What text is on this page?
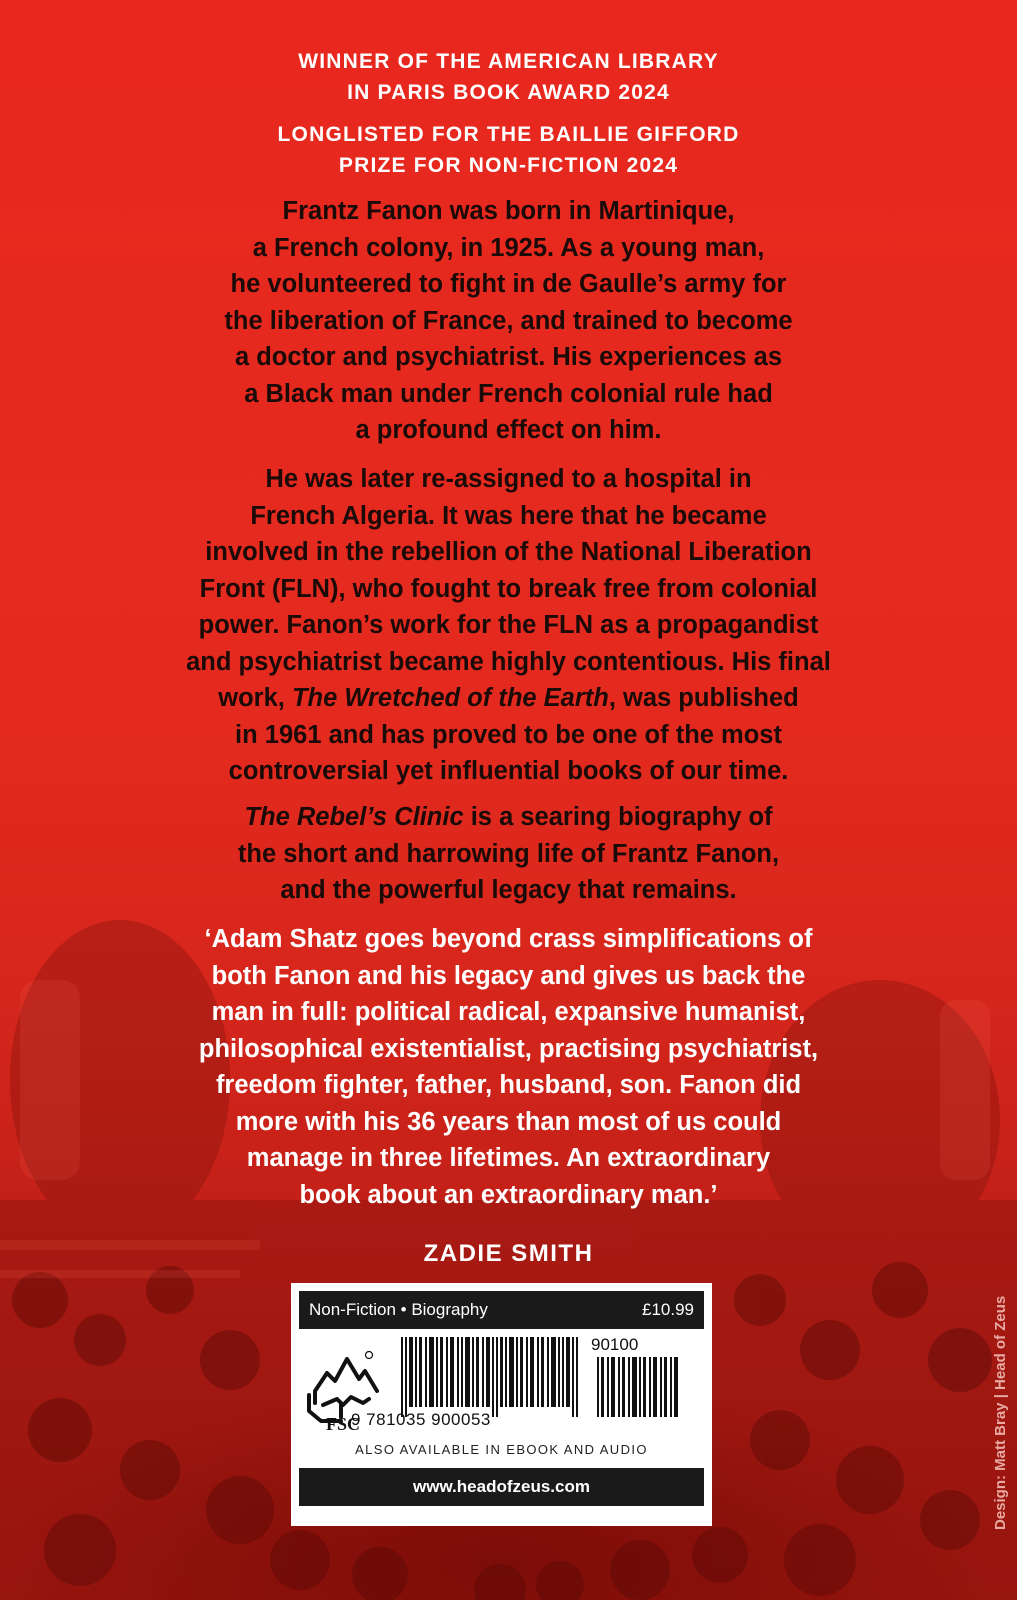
WINNER OF THE AMERICAN LIBRARY
IN PARIS BOOK AWARD 2024
LONGLISTED FOR THE BAILLIE GIFFORD
PRIZE FOR NON-FICTION 2024
Frantz Fanon was born in Martinique,
a French colony, in 1925. As a young man,
he volunteered to fight in de Gaulle’s army for
the liberation of France, and trained to become
a doctor and psychiatrist. His experiences as
a Black man under French colonial rule had
a profound effect on him.
He was later re-assigned to a hospital in
French Algeria. It was here that he became
involved in the rebellion of the National Liberation
Front (FLN), who fought to break free from colonial
power. Fanon’s work for the FLN as a propagandist
and psychiatrist became highly contentious. His final
work, The Wretched of the Earth, was published
in 1961 and has proved to be one of the most
controversial yet influential books of our time.
The Rebel’s Clinic is a searing biography of
the short and harrowing life of Frantz Fanon,
and the powerful legacy that remains.
‘Adam Shatz goes beyond crass simplifications of
both Fanon and his legacy and gives us back the
man in full: political radical, expansive humanist,
philosophical existentialist, practising psychiatrist,
freedom fighter, father, husband, son. Fanon did
more with his 36 years than most of us could
manage in three lifetimes. An extraordinary
book about an extraordinary man.’
ZADIE SMITH
Non-Fiction • Biography	£10.99
FSC
90100
9 781035 900053
ALSO AVAILABLE IN EBOOK AND AUDIO
www.headofzeus.com	Design: Matt Bray | Head of Zeus
